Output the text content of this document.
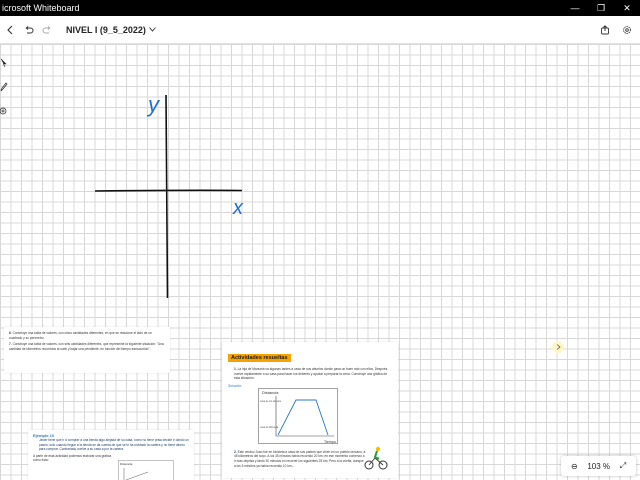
icrosoft Whiteboard	—	❐	✕
NIVEL I (9_5_2022)
y
x

6. Construye una tabla de valores, con cinco cantidades diferentes, en que se relacione el lado de un cuadrado y su perímetro.

7. Construye una tabla de valores, con seis cantidades diferentes, que represente la siguiente situación: "Una cantidad de kilómetros recorridos al subir y bajar una pendiente, en función del tiempo transcurrido".

Actividades resueltas

1. La hija de Manuela va algunas tardes a casa de sus abuelos donde pasa un buen rato con ellos. Después vuelve rápidamente a su casa para hacer los deberes y ayudar a preparar la cena. Construye una gráfica de esta situación.

Solución:
Distancia
casa de los abuelos
casa de Manuela
Tiempo

2. Este verano Juan fue en bicicleta a casa de sus padres que viven en un pueblo cercano, a 45 kilómetros del suyo. A los 35 minutos había recorrido 20 km; en ese momento comenzó a ir más deprisa y tardó 30 minutos en recorrer los siguientes 25 km. Pero a la vuelta, aunque a los 5 minutos ya había recorrido 10 km...

Ejemplo 10

Javier tiene que ir a comprar a una tienda algo alejada de su casa, como no tiene prisa decide ir dando un paseo; sólo cuando llegue a la tienda se da cuenta de que se le ha olvidado la cartera y no tiene dinero para comprar. Contrariado vuelve a su casa a por la cartera.

A partir de esta actividad podemos elaborar una gráfica como ésta:

Distancia	⊖	103 %	⤢
